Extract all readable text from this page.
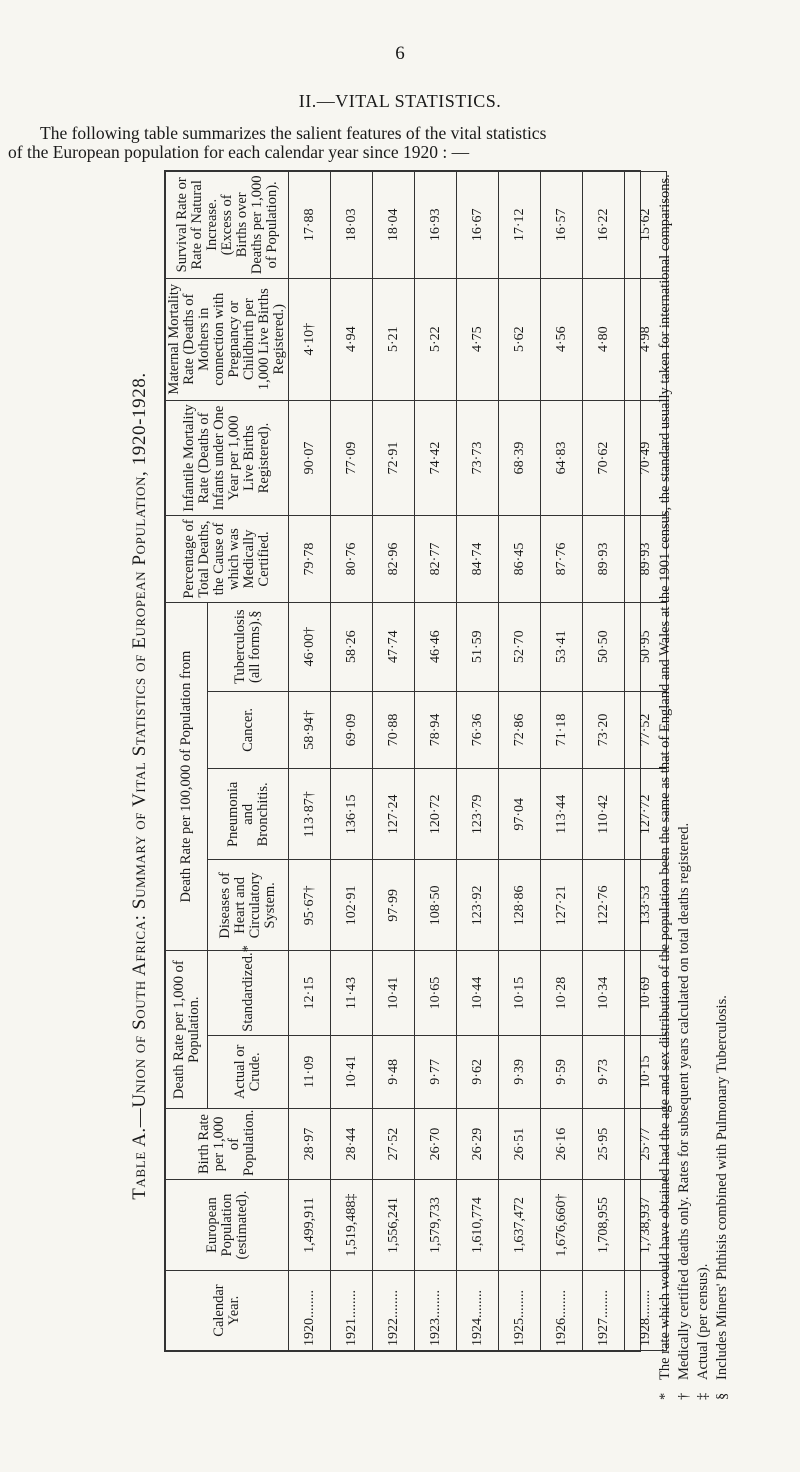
6
II.—VITAL STATISTICS.
The following table summarizes the salient features of the vital statistics
of the European population for each calendar year since 1920 : —
Table A.—Union of South Africa: Summary of Vital Statistics of European Population, 1920-1928.
Calendar Year.	European Population (estimated).	Birth Rate per 1,000 of Population.	Death Rate per 1,000 of Population.		Death Rate per 100,000 of Population from				Percentage of Total Deaths, the Cause of which was Medically Certified.	Infantile Mortality Rate (Deaths of Infants under One Year per 1,000 Live Births Registered).	Maternal Mortality Rate (Deaths of Mothers in connection with Pregnancy or Childbirth per 1,000 Live Births Registered.)	Survival Rate or Rate of Natural Increase. (Excess of Births over Deaths per 1,000 of Population).
			Actual or Crude.	Standardized.*	Diseases of Heart and Circulatory System.	Pneumonia and Bronchitis.	Cancer.	Tuberculosis (all forms).§				
1920........	1,499,911	28·97	11·09	12·15	95·67†	113·87†	58·94†	46·00†	79·78	90·07	4·10†	17·88
1921........	1,519,488‡	28·44	10·41	11·43	102·91	136·15	69·09	58·26	80·76	77·09	4·94	18·03
1922........	1,556,241	27·52	9·48	10·41	97·99	127·24	70·88	47·74	82·96	72·91	5·21	18·04
1923........	1,579,733	26·70	9·77	10·65	108·50	120·72	78·94	46·46	82·77	74·42	5·22	16·93
1924........	1,610,774	26·29	9·62	10·44	123·92	123·79	76·36	51·59	84·74	73·73	4·75	16·67
1925........	1,637,472	26·51	9·39	10·15	128·86	97·04	72·86	52·70	86·45	68·39	5·62	17·12
1926........	1,676,660†	26·16	9·59	10·28	127·21	113·44	71·18	53·41	87·76	64·83	4·56	16·57
1927........	1,708,955	25·95	9·73	10·34	122·76	110·42	73·20	50·50	89·93	70·62	4·80	16·22
1928........	1,738,937	25·77	10·15	10·69	133·53	127·72	77·52	50·95	89·93	70·49	4·98	15·62
*The rate which would have obtained had the age and sex distribution of the population been the same as that of England and Wales at the 1901 census, the standard usually taken for international comparisons.
†Medically certified deaths only. Rates for subsequent years calculated on total deaths registered.
‡Actual (per census).
§Includes Miners' Phthisis combined with Pulmonary Tuberculosis.
